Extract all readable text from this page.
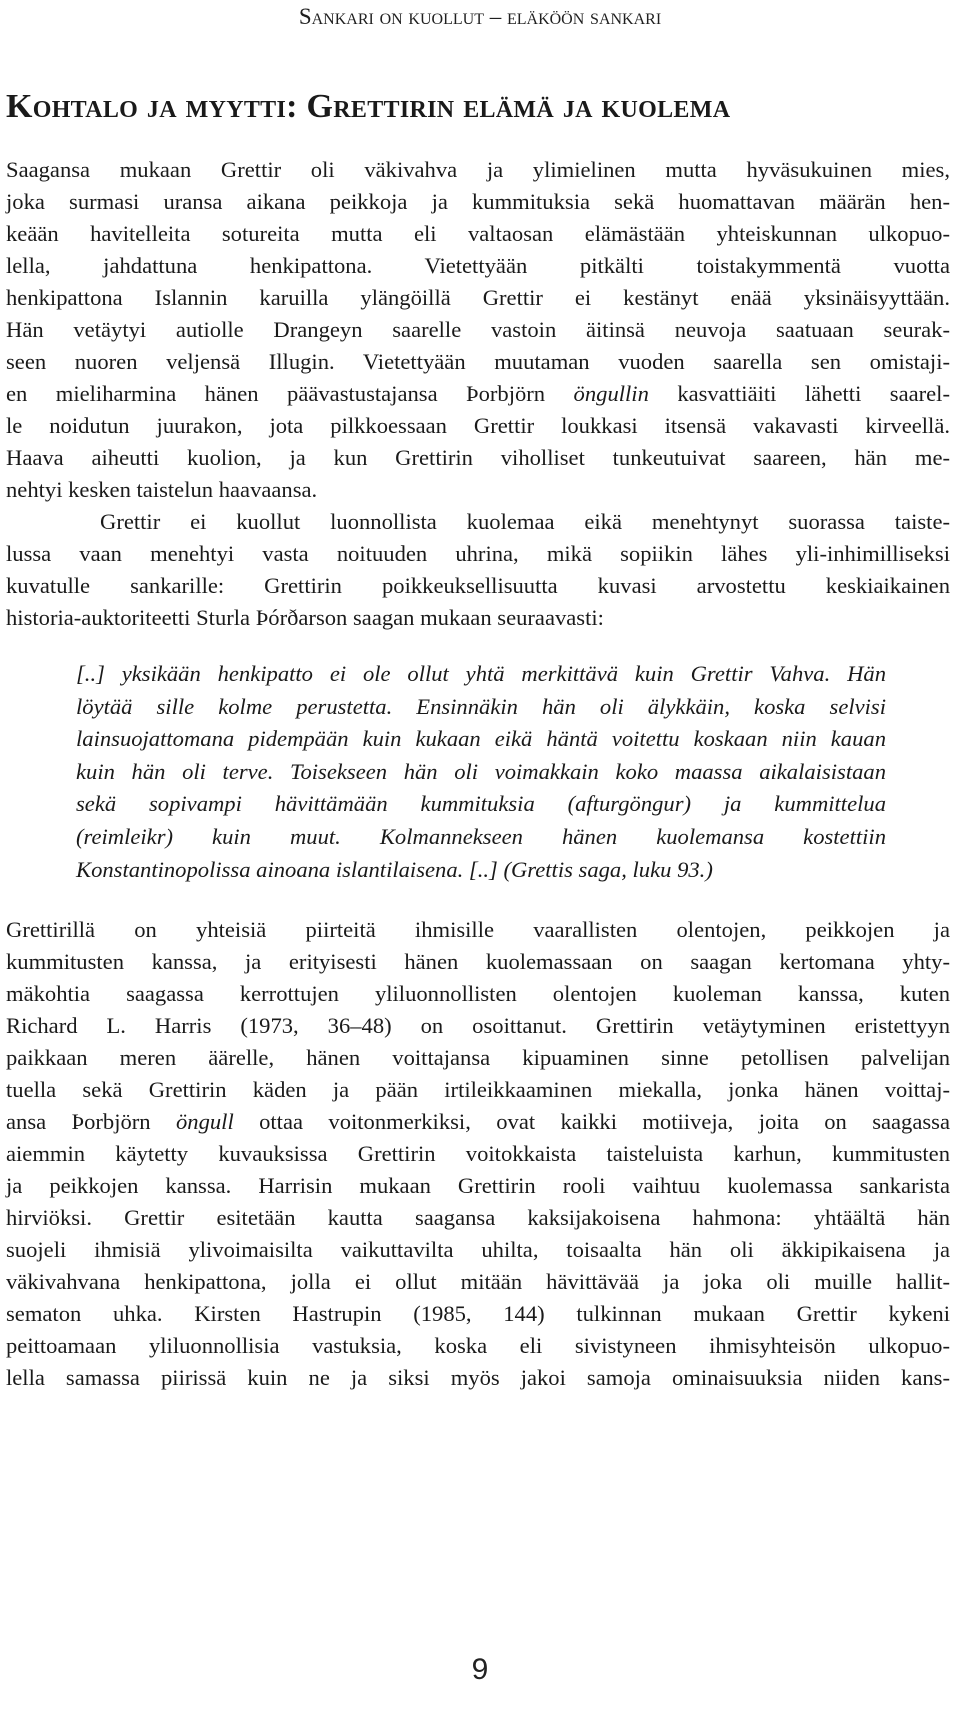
Sankari on kuollut – eläköön sankari
Kohtalo ja myytti: Grettirin elämä ja kuolema
Saagansa mukaan Grettir oli väkivahva ja ylimielinen mutta hyväsukuinen mies,
joka surmasi uransa aikana peikkoja ja kummituksia sekä huomattavan määrän hen-
keään havitelleita sotureita mutta eli valtaosan elämästään yhteiskunnan ulkopuo-
lella, jahdattuna henkipattona. Vietettyään pitkälti toistakymmentä vuotta
henkipattona Islannin karuilla ylängöillä Grettir ei kestänyt enää yksinäisyyttään.
Hän vetäytyi autiolle Drangeyn saarelle vastoin äitinsä neuvoja saatuaan seurak-
seen nuoren veljensä Illugin. Vietettyään muutaman vuoden saarella sen omistaji-
en mieliharmina hänen päävastustajansa Þorbjörn öngullin kasvattiäiti lähetti saarel-
le noidutun juurakon, jota pilkkoessaan Grettir loukkasi itsensä vakavasti kirveellä.
Haava aiheutti kuolion, ja kun Grettirin viholliset tunkeutuivat saareen, hän me-
nehtyi kesken taistelun haavaansa.
Grettir ei kuollut luonnollista kuolemaa eikä menehtynyt suorassa taiste-
lussa vaan menehtyi vasta noituuden uhrina, mikä sopiikin lähes yli-inhimilliseksi
kuvatulle sankarille: Grettirin poikkeuksellisuutta kuvasi arvostettu keskiaikainen
historia-auktoriteetti Sturla Þórðarson saagan mukaan seuraavasti:
[..] yksikään henkipatto ei ole ollut yhtä merkittävä kuin Grettir Vahva. Hän
löytää sille kolme perustetta. Ensinnäkin hän oli älykkäin, koska selvisi
lainsuojattomana pidempään kuin kukaan eikä häntä voitettu koskaan niin kauan
kuin hän oli terve. Toisekseen hän oli voimakkain koko maassa aikalaisistaan
sekä sopivampi hävittämään kummituksia (afturgöngur) ja kummittelua
(reimleikr) kuin muut. Kolmannekseen hänen kuolemansa kostettiin
Konstantinopolissa ainoana islantilaisena. [..] (Grettis saga, luku 93.)
Grettirillä on yhteisiä piirteitä ihmisille vaarallisten olentojen, peikkojen ja
kummitusten kanssa, ja erityisesti hänen kuolemassaan on saagan kertomana yhty-
mäkohtia saagassa kerrottujen yliluonnollisten olentojen kuoleman kanssa, kuten
Richard L. Harris (1973, 36–48) on osoittanut. Grettirin vetäytyminen eristettyyn
paikkaan meren äärelle, hänen voittajansa kipuaminen sinne petollisen palvelijan
tuella sekä Grettirin käden ja pään irtileikkaaminen miekalla, jonka hänen voittaj-
ansa Þorbjörn öngull ottaa voitonmerkiksi, ovat kaikki motiiveja, joita on saagassa
aiemmin käytetty kuvauksissa Grettirin voitokkaista taisteluista karhun, kummitusten
ja peikkojen kanssa. Harrisin mukaan Grettirin rooli vaihtuu kuolemassa sankarista
hirviöksi. Grettir esitetään kautta saagansa kaksijakoisena hahmona: yhtäältä hän
suojeli ihmisiä ylivoimaisilta vaikuttavilta uhilta, toisaalta hän oli äkkipikaisena ja
väkivahvana henkipattona, jolla ei ollut mitään hävittävää ja joka oli muille hallit-
sematon uhka. Kirsten Hastrupin (1985, 144) tulkinnan mukaan Grettir kykeni
peittoamaan yliluonnollisia vastuksia, koska eli sivistyneen ihmisyhteisön ulkopuo-
lella samassa piirissä kuin ne ja siksi myös jakoi samoja ominaisuuksia niiden kans-
9
